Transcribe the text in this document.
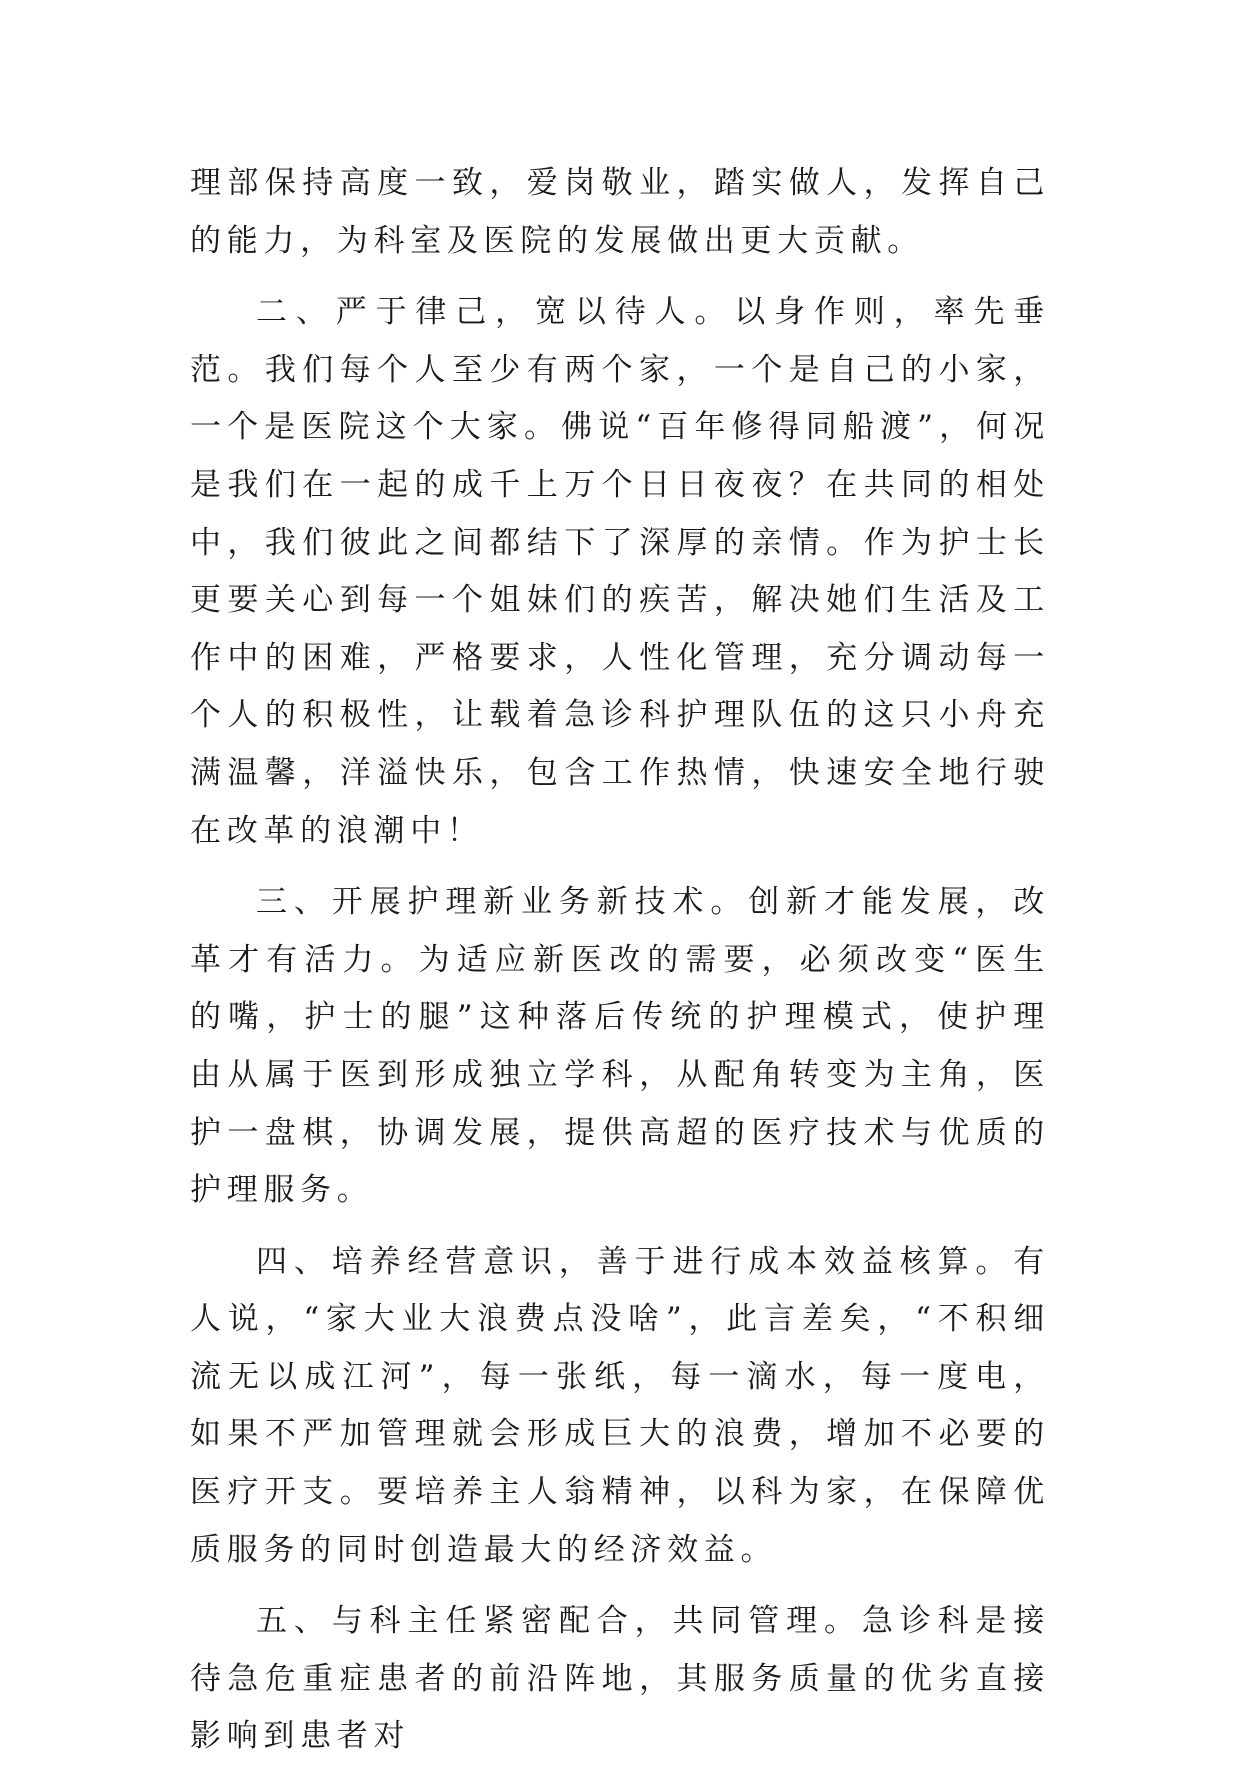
理部保持高度一致，爱岗敬业，踏实做人，发挥自己的能力，为科室及医院的发展做出更大贡献。

二、严于律己，宽以待人。以身作则，率先垂范。我们每个人至少有两个家，一个是自己的小家，一个是医院这个大家。佛说“百年修得同船渡”，何况是我们在一起的成千上万个日日夜夜？在共同的相处中，我们彼此之间都结下了深厚的亲情。作为护士长更要关心到每一个姐妹们的疾苦，解决她们生活及工作中的困难，严格要求，人性化管理，充分调动每一个人的积极性，让载着急诊科护理队伍的这只小舟充满温馨，洋溢快乐，包含工作热情，快速安全地行驶在改革的浪潮中！

三、开展护理新业务新技术。创新才能发展，改革才有活力。为适应新医改的需要，必须改变“医生的嘴，护士的腿”这种落后传统的护理模式，使护理由从属于医到形成独立学科，从配角转变为主角，医护一盘棋，协调发展，提供高超的医疗技术与优质的护理服务。

四、培养经营意识，善于进行成本效益核算。有人说，“家大业大浪费点没啥”，此言差矣，“不积细流无以成江河”，每一张纸，每一滴水，每一度电，如果不严加管理就会形成巨大的浪费，增加不必要的医疗开支。要培养主人翁精神，以科为家，在保障优质服务的同时创造最大的经济效益。

五、与科主任紧密配合，共同管理。急诊科是接待急危重症患者的前沿阵地，其服务质量的优劣直接影响到患者对
